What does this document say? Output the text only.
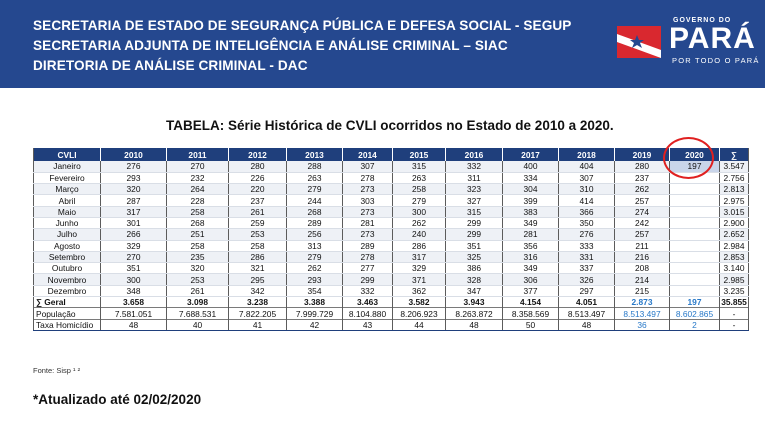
SECRETARIA DE ESTADO DE SEGURANÇA PÚBLICA E DEFESA SOCIAL - SEGUP
SECRETARIA ADJUNTA DE INTELIGÊNCIA E ANÁLISE CRIMINAL – SIAC
DIRETORIA DE ANÁLISE CRIMINAL - DAC
GOVERNO DO
PARÁ
POR TODO O PARÁ
TABELA: Série Histórica de CVLI ocorridos no Estado de 2010 a 2020.
CVLI	2010	2011	2012	2013	2014	2015	2016	2017	2018	2019	2020	∑
Janeiro	276	270	280	288	307	315	332	400	404	280	197	3.547
Fevereiro	293	232	226	263	278	263	311	334	307	237		2.756
Março	320	264	220	279	273	258	323	304	310	262		2.813
Abril	287	228	237	244	303	279	327	399	414	257		2.975
Maio	317	258	261	268	273	300	315	383	366	274		3.015
Junho	301	268	259	289	281	262	299	349	350	242		2.900
Julho	266	251	253	256	273	240	299	281	276	257		2.652
Agosto	329	258	258	313	289	286	351	356	333	211		2.984
Setembro	270	235	286	279	278	317	325	316	331	216		2.853
Outubro	351	320	321	262	277	329	386	349	337	208		3.140
Novembro	300	253	295	293	299	371	328	306	326	214		2.985
Dezembro	348	261	342	354	332	362	347	377	297	215		3.235
∑ Geral	3.658	3.098	3.238	3.388	3.463	3.582	3.943	4.154	4.051	2.873	197	35.855
População	7.581.051	7.688.531	7.822.205	7.999.729	8.104.880	8.206.923	8.263.872	8.358.569	8.513.497	8.513.497	8.602.865	-
Taxa Homicídio	48	40	41	42	43	44	48	50	48	36	2	-
Fonte: Sisp ¹ ²
*Atualizado até 02/02/2020
